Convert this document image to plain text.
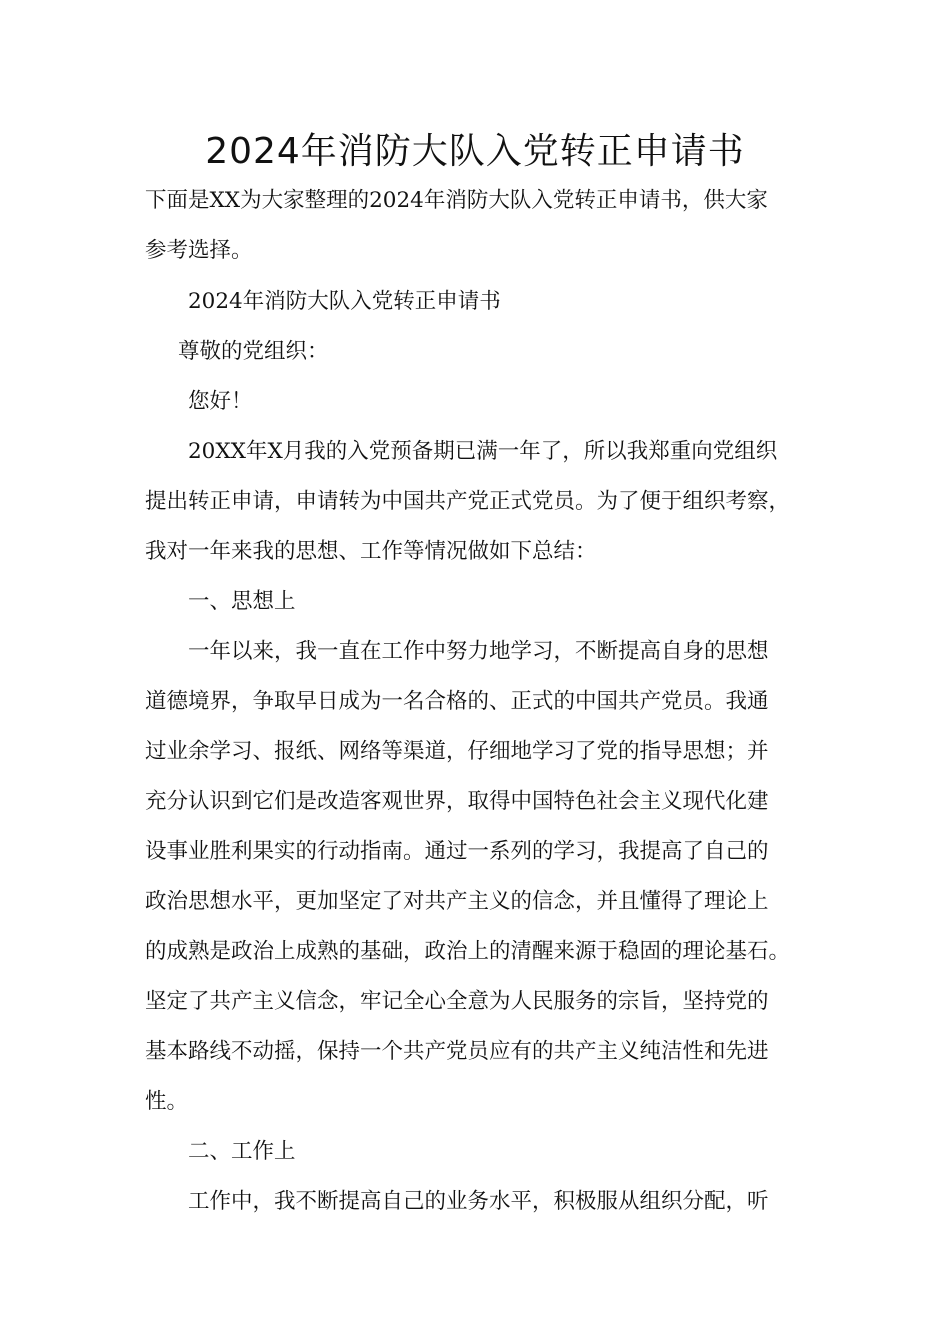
2024年消防大队入党转正申请书
下面是XX为大家整理的2024年消防大队入党转正申请书，供大家
参考选择。
2024年消防大队入党转正申请书
尊敬的党组织：
您好！
20XX年X月我的入党预备期已满一年了，所以我郑重向党组织
提出转正申请，申请转为中国共产党正式党员。为了便于组织考察，
我对一年来我的思想、工作等情况做如下总结：
一、思想上
一年以来，我一直在工作中努力地学习，不断提高自身的思想
道德境界，争取早日成为一名合格的、正式的中国共产党员。我通
过业余学习、报纸、网络等渠道，仔细地学习了党的指导思想；并
充分认识到它们是改造客观世界，取得中国特色社会主义现代化建
设事业胜利果实的行动指南。通过一系列的学习，我提高了自己的
政治思想水平，更加坚定了对共产主义的信念，并且懂得了理论上
的成熟是政治上成熟的基础，政治上的清醒来源于稳固的理论基石。
坚定了共产主义信念，牢记全心全意为人民服务的宗旨，坚持党的
基本路线不动摇，保持一个共产党员应有的共产主义纯洁性和先进
性。
二、工作上
工作中，我不断提高自己的业务水平，积极服从组织分配，听
